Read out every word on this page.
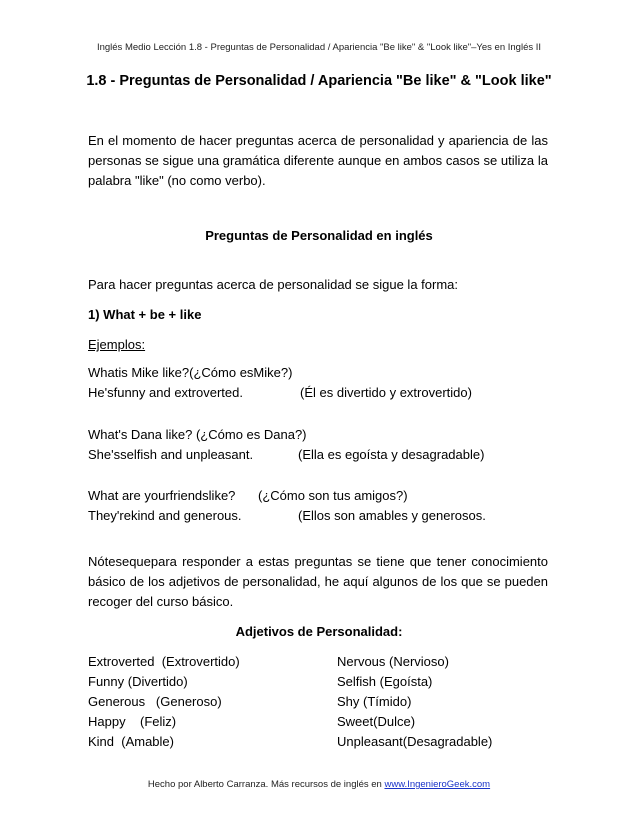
Inglés Medio Lección 1.8 - Preguntas de Personalidad / Apariencia "Be like" & "Look like"–Yes en Inglés II
1.8 - Preguntas de Personalidad / Apariencia "Be like" & "Look like"
En el momento de hacer preguntas acerca de personalidad y apariencia de las personas se sigue una gramática diferente aunque en ambos casos se utiliza la palabra "like" (no como verbo).
Preguntas de Personalidad en inglés
Para hacer preguntas acerca de personalidad se sigue la forma:
1) What + be + like
Ejemplos:
Whatis Mike like?(¿Cómo esMike?)
He'sfunny and extroverted.	(Él es divertido y extrovertido)
What's Dana like? (¿Cómo es Dana?)
She'sselfish and unpleasant.	(Ella es egoísta y desagradable)
What are yourfriendslike? (¿Cómo son tus amigos?)
They'rekind and generous.	(Ellos son amables y generosos.
Nótesequepara responder a estas preguntas se tiene que tener conocimiento básico de los adjetivos de personalidad, he aquí algunos de los que se pueden recoger del curso básico.
Adjetivos de Personalidad:
Extroverted  (Extrovertido)	Nervous (Nervioso)
Funny (Divertido)	Selfish (Egoísta)
Generous   (Generoso)	Shy (Tímido)
Happy    (Feliz)	Sweet(Dulce)
Kind  (Amable)	Unpleasant(Desagradable)
Hecho por Alberto Carranza. Más recursos de inglés en www.IngenieroGeek.com
